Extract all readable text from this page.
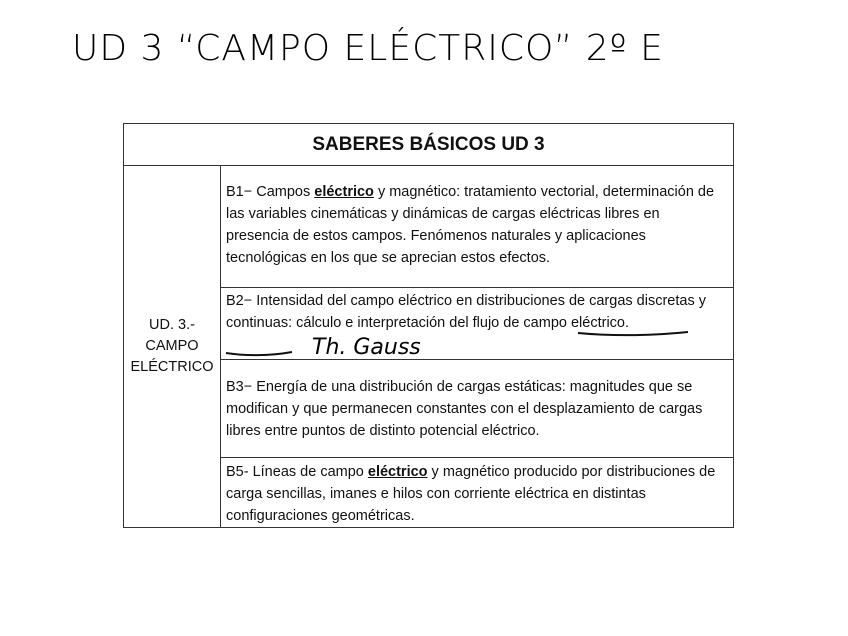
UD 3 “CAMPO ELÉCTRICO” 2º E
SABERES BÁSICOS UD 3
UD. 3.-
CAMPO
ELÉCTRICO
B1− Campos eléctrico y magnético: tratamiento vectorial, determinación de las variables cinemáticas y dinámicas de cargas eléctricas libres en presencia de estos campos. Fenómenos naturales y aplicaciones tecnológicas en los que se aprecian estos efectos.
B2− Intensidad del campo eléctrico en distribuciones de cargas discretas y continuas: cálculo e interpretación del flujo de campo eléctrico.
B3− Energía de una distribución de cargas estáticas: magnitudes que se modifican y que permanecen constantes con el desplazamiento de cargas libres entre puntos de distinto potencial eléctrico.
B5- Líneas de campo eléctrico y magnético producido por distribuciones de carga sencillas, imanes e hilos con corriente eléctrica en distintas configuraciones geométricas.
Th. Gauss
